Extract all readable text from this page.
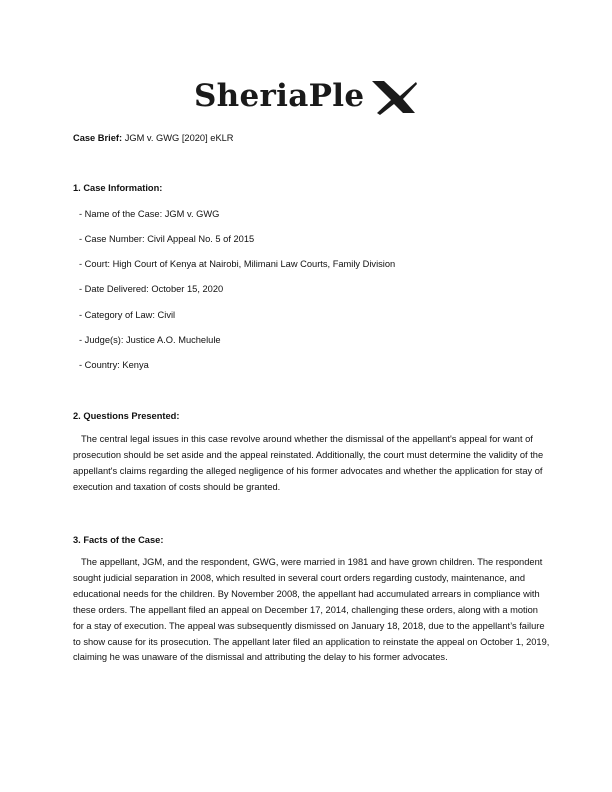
SheriaPle
Case Brief: JGM v. GWG [2020] eKLR
1. Case Information:
- Name of the Case: JGM v. GWG
- Case Number: Civil Appeal No. 5 of 2015
- Court: High Court of Kenya at Nairobi, Milimani Law Courts, Family Division
- Date Delivered: October 15, 2020
- Category of Law: Civil
- Judge(s): Justice A.O. Muchelule
- Country: Kenya
2. Questions Presented:

The central legal issues in this case revolve around whether the dismissal of the appellant's appeal for want of prosecution should be set aside and the appeal reinstated. Additionally, the court must determine the validity of the appellant's claims regarding the alleged negligence of his former advocates and whether the application for stay of execution and taxation of costs should be granted.

3. Facts of the Case:

The appellant, JGM, and the respondent, GWG, were married in 1981 and have grown children. The respondent sought judicial separation in 2008, which resulted in several court orders regarding custody, maintenance, and educational needs for the children. By November 2008, the appellant had accumulated arrears in compliance with these orders. The appellant filed an appeal on December 17, 2014, challenging these orders, along with a motion for a stay of execution. The appeal was subsequently dismissed on January 18, 2018, due to the appellant’s failure to show cause for its prosecution. The appellant later filed an application to reinstate the appeal on October 1, 2019, claiming he was unaware of the dismissal and attributing the delay to his former advocates.
